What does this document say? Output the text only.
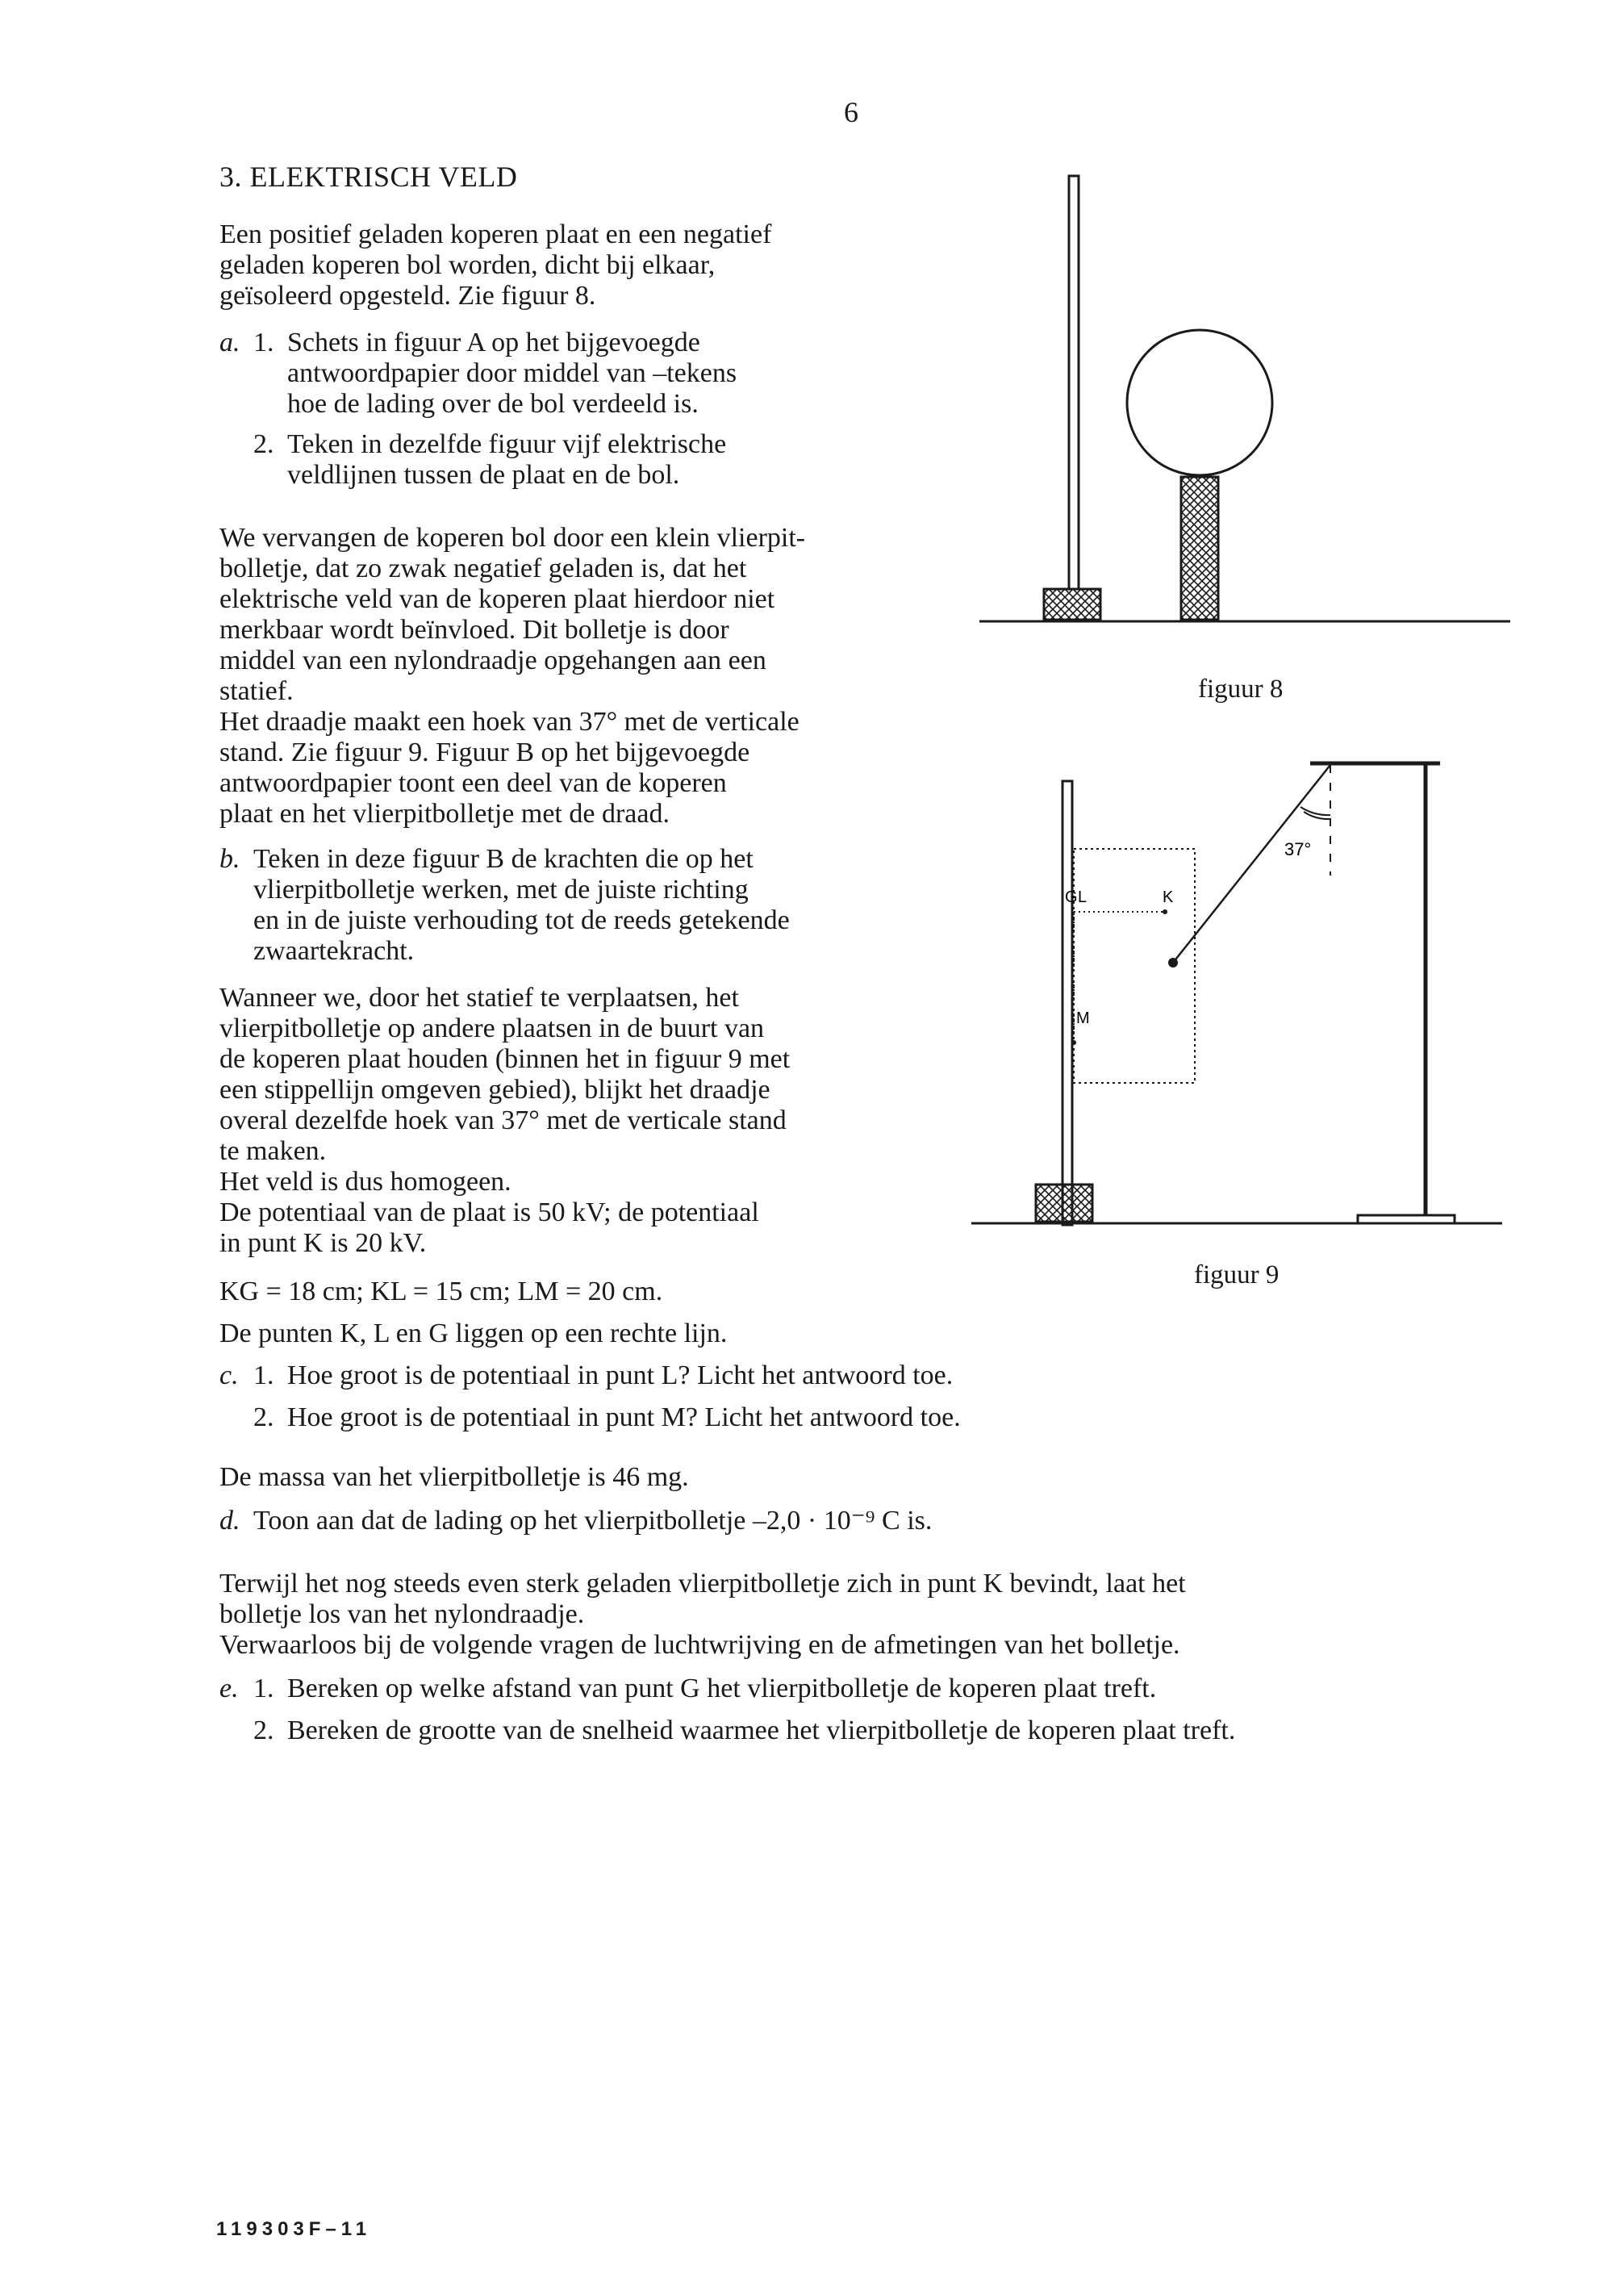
6
3. ELEKTRISCH VELD

Een positief geladen koperen plaat en een negatief

geladen koperen bol worden, dicht bij elkaar,

geïsoleerd opgesteld. Zie figuur 8.

a. 1. Schets in figuur A op het bijgevoegde

antwoordpapier door middel van –tekens

hoe de lading over de bol verdeeld is.

2. Teken in dezelfde figuur vijf elektrische

veldlijnen tussen de plaat en de bol.

We vervangen de koperen bol door een klein vlierpit-

bolletje, dat zo zwak negatief geladen is, dat het

elektrische veld van de koperen plaat hierdoor niet

merkbaar wordt beïnvloed. Dit bolletje is door

middel van een nylondraadje opgehangen aan een

statief.

Het draadje maakt een hoek van 37° met de verticale

stand. Zie figuur 9. Figuur B op het bijgevoegde

antwoordpapier toont een deel van de koperen

plaat en het vlierpitbolletje met de draad.

b. Teken in deze figuur B de krachten die op het

vlierpitbolletje werken, met de juiste richting

en in de juiste verhouding tot de reeds getekende

zwaartekracht.

Wanneer we, door het statief te verplaatsen, het

vlierpitbolletje op andere plaatsen in de buurt van

de koperen plaat houden (binnen het in figuur 9 met

een stippellijn omgeven gebied), blijkt het draadje

overal dezelfde hoek van 37° met de verticale stand

te maken.

Het veld is dus homogeen.

De potentiaal van de plaat is 50 kV; de potentiaal

in punt K is 20 kV.

KG = 18 cm; KL = 15 cm; LM = 20 cm.
De punten K, L en G liggen op een rechte lijn.
c. 1. Hoe groot is de potentiaal in punt L? Licht het antwoord toe.
2. Hoe groot is de potentiaal in punt M? Licht het antwoord toe.
De massa van het vlierpitbolletje is 46 mg.
d. Toon aan dat de lading op het vlierpitbolletje –2,0 · 10⁻⁹ C is.

Terwijl het nog steeds even sterk geladen vlierpitbolletje zich in punt K bevindt, laat het

bolletje los van het nylondraadje.

Verwaarloos bij de volgende vragen de luchtwrijving en de afmetingen van het bolletje.

e. 1. Bereken op welke afstand van punt G het vlierpitbolletje de koperen plaat treft.
2. Bereken de grootte van de snelheid waarmee het vlierpitbolletje de koperen plaat treft.
figuur 8
G L	K
M
37°
figuur 9
119303F–11
